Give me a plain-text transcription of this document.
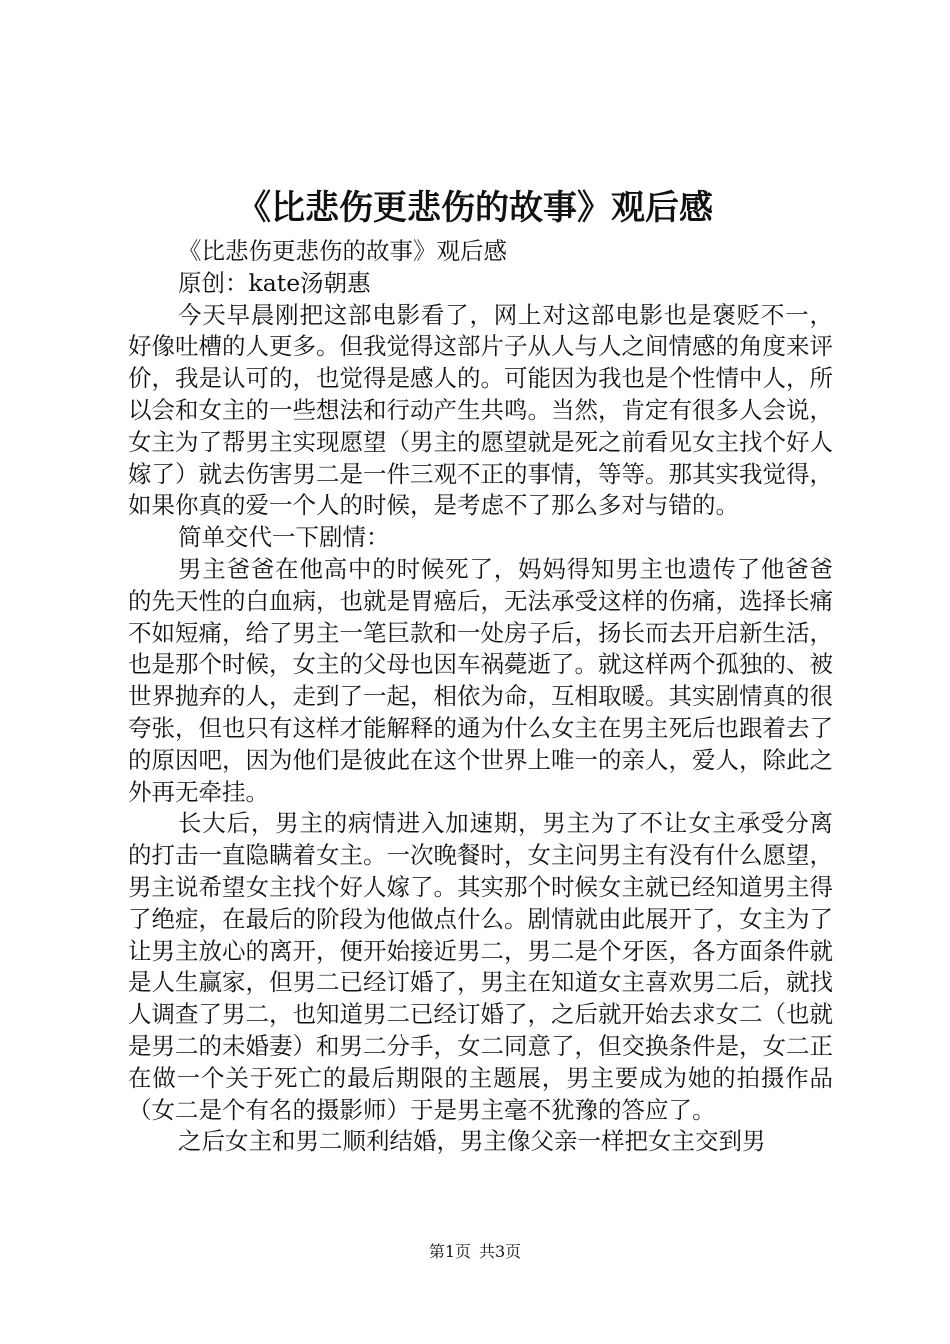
《比悲伤更悲伤的故事》观后感

《比悲伤更悲伤的故事》观后感

原创：kate汤朝惠

今天早晨刚把这部电影看了，网上对这部电影也是褒贬不一，好像吐槽的人更多。但我觉得这部片子从人与人之间情感的角度来评价，我是认可的，也觉得是感人的。可能因为我也是个性情中人，所以会和女主的一些想法和行动产生共鸣。当然，肯定有很多人会说，女主为了帮男主实现愿望（男主的愿望就是死之前看见女主找个好人嫁了）就去伤害男二是一件三观不正的事情，等等。那其实我觉得，如果你真的爱一个人的时候，是考虑不了那么多对与错的。

简单交代一下剧情：

男主爸爸在他高中的时候死了，妈妈得知男主也遗传了他爸爸的先天性的白血病，也就是胃癌后，无法承受这样的伤痛，选择长痛不如短痛，给了男主一笔巨款和一处房子后，扬长而去开启新生活，也是那个时候，女主的父母也因车祸薨逝了。就这样两个孤独的、被世界抛弃的人，走到了一起，相依为命，互相取暖。其实剧情真的很夸张，但也只有这样才能解释的通为什么女主在男主死后也跟着去了的原因吧，因为他们是彼此在这个世界上唯一的亲人，爱人，除此之外再无牵挂。

长大后，男主的病情进入加速期，男主为了不让女主承受分离的打击一直隐瞒着女主。一次晚餐时，女主问男主有没有什么愿望，男主说希望女主找个好人嫁了。其实那个时候女主就已经知道男主得了绝症，在最后的阶段为他做点什么。剧情就由此展开了，女主为了让男主放心的离开，便开始接近男二，男二是个牙医，各方面条件就是人生赢家，但男二已经订婚了，男主在知道女主喜欢男二后，就找人调查了男二，也知道男二已经订婚了，之后就开始去求女二（也就是男二的未婚妻）和男二分手，女二同意了，但交换条件是，女二正在做一个关于死亡的最后期限的主题展，男主要成为她的拍摄作品（女二是个有名的摄影师）于是男主毫不犹豫的答应了。

之后女主和男二顺利结婚，男主像父亲一样把女主交到男

第1页 共3页
